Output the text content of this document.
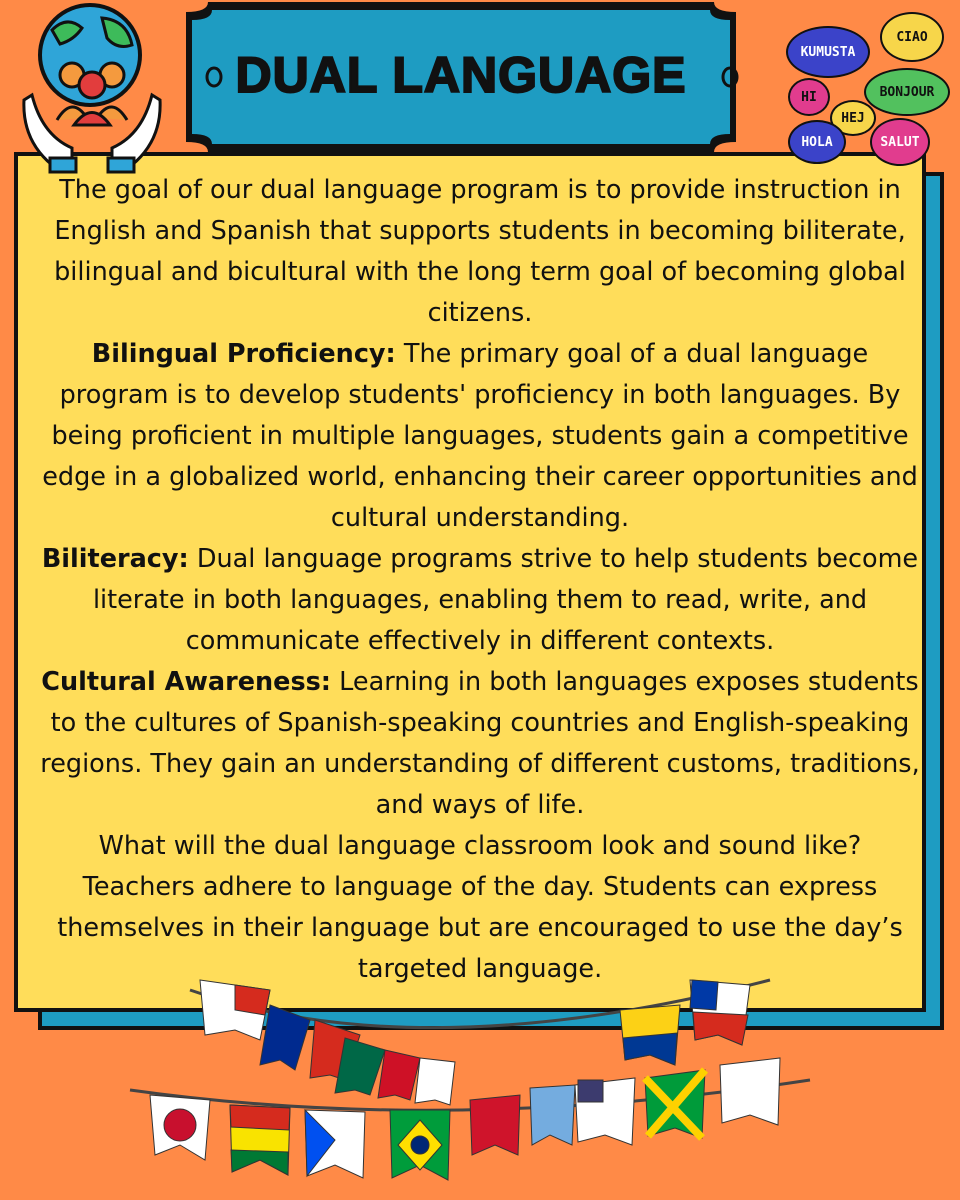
DUAL LANGUAGE	KUMUSTA
CIAO
HI	BONJOUR
HEJ
HOLA	SALUT

The goal of our dual language program is to provide instruction in English and Spanish that supports students in becoming biliterate, bilingual and bicultural with the long term goal of becoming global citizens.

Bilingual Proficiency: The primary goal of a dual language program is to develop students' proficiency in both languages. By being proficient in multiple languages, students gain a competitive edge in a globalized world, enhancing their career opportunities and cultural understanding.

Biliteracy: Dual language programs strive to help students become literate in both languages, enabling them to read, write, and communicate effectively in different contexts.

Cultural Awareness: Learning in both languages exposes students to the cultures of Spanish-speaking countries and English-speaking regions. They gain an understanding of different customs, traditions, and ways of life.

What will the dual language classroom look and sound like?

Teachers adhere to language of the day. Students can express themselves in their language but are encouraged to use the day’s targeted language.
